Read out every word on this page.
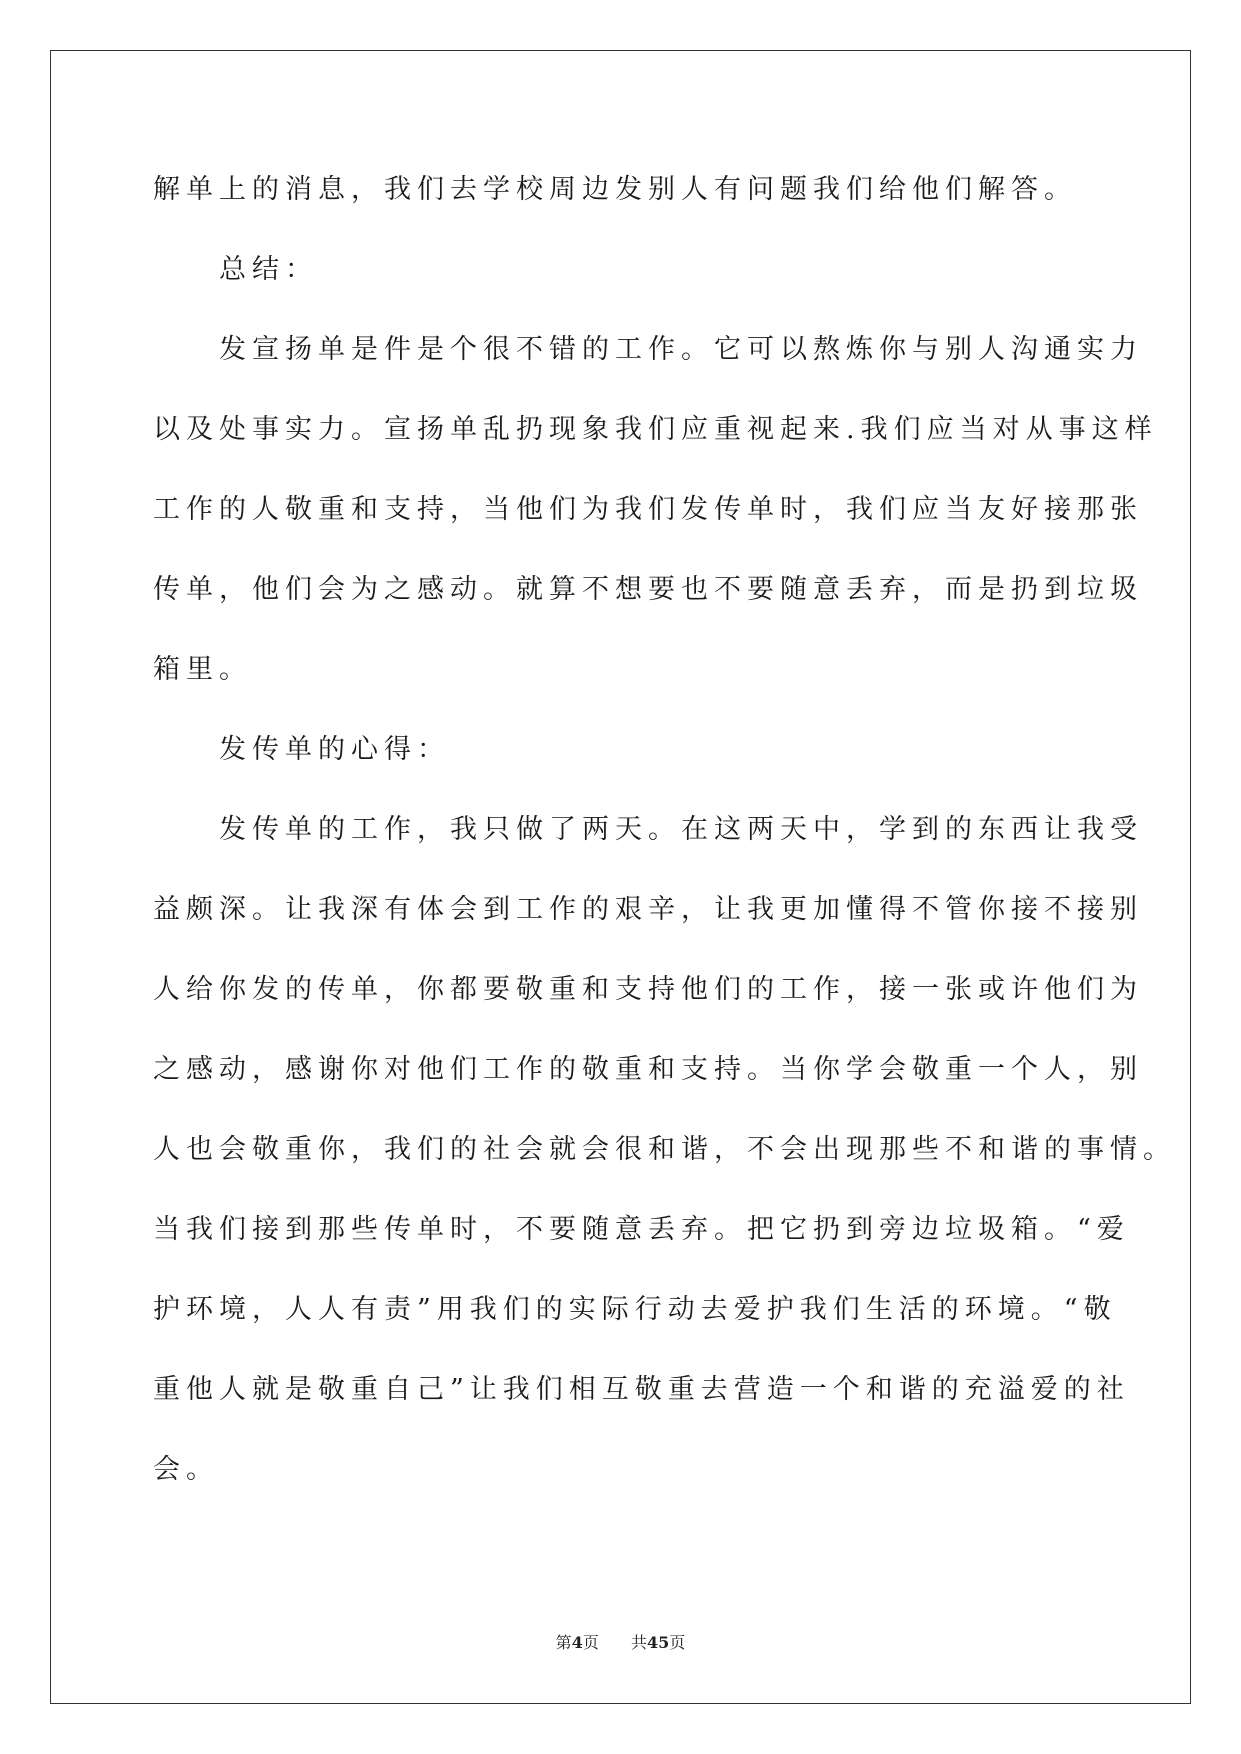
解单上的消息，我们去学校周边发别人有问题我们给他们解答。
　　总结：
　　发宣扬单是件是个很不错的工作。它可以熬炼你与别人沟通实力
以及处事实力。宣扬单乱扔现象我们应重视起来.我们应当对从事这样
工作的人敬重和支持，当他们为我们发传单时，我们应当友好接那张
传单，他们会为之感动。就算不想要也不要随意丢弃，而是扔到垃圾
箱里。
　　发传单的心得：
　　发传单的工作，我只做了两天。在这两天中，学到的东西让我受
益颇深。让我深有体会到工作的艰辛，让我更加懂得不管你接不接别
人给你发的传单，你都要敬重和支持他们的工作，接一张或许他们为
之感动，感谢你对他们工作的敬重和支持。当你学会敬重一个人，别
人也会敬重你，我们的社会就会很和谐，不会出现那些不和谐的事情。
当我们接到那些传单时，不要随意丢弃。把它扔到旁边垃圾箱。“爱
护环境，人人有责”用我们的实际行动去爱护我们生活的环境。“敬
重他人就是敬重自己”让我们相互敬重去营造一个和谐的充溢爱的社
会。
第4页 共45页
